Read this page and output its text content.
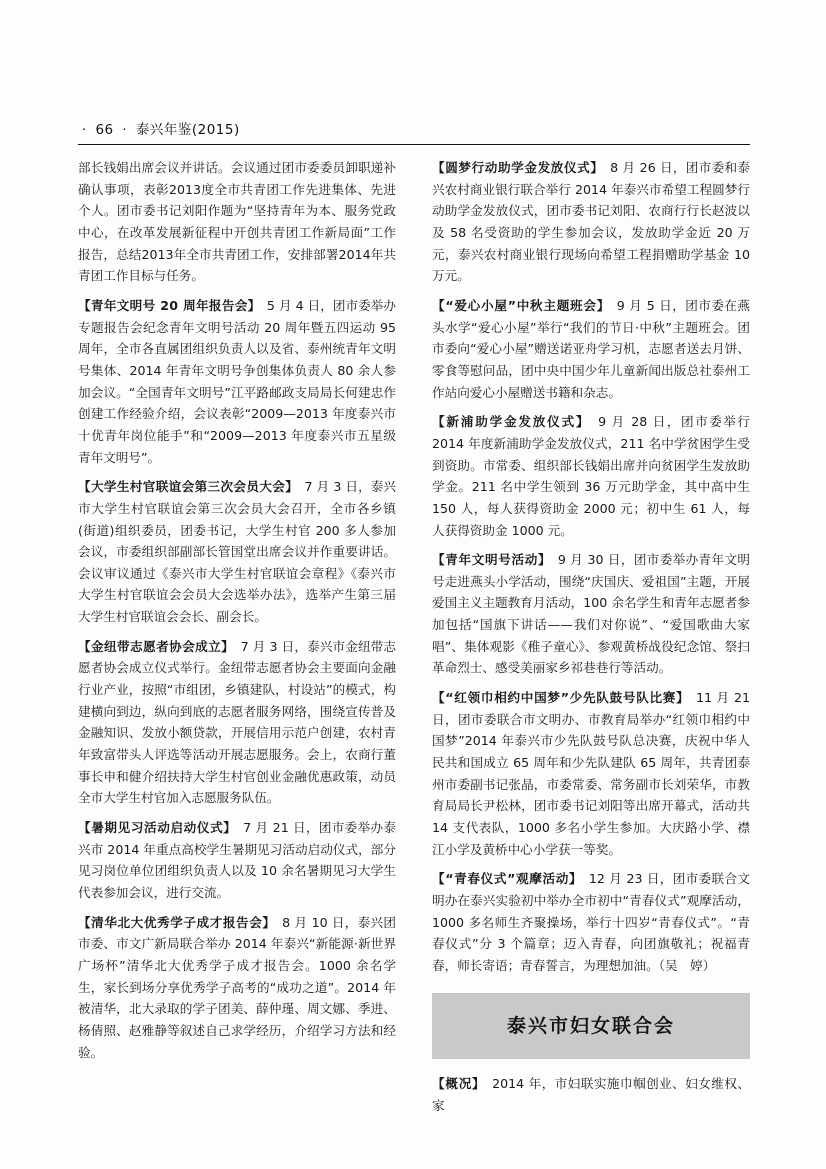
· 66 · 泰兴年鉴(2015)

部长钱娟出席会议并讲话。会议通过团市委委员卸职递补确认事项，表彰2013度全市共青团工作先进集体、先进个人。团市委书记刘阳作题为“坚持青年为本、服务党政中心，在改革发展新征程中开创共青团工作新局面”工作报告，总结2013年全市共青团工作，安排部署2014年共青团工作目标与任务。

【青年文明号 20 周年报告会】　5 月 4 日，团市委举办专题报告会纪念青年文明号活动 20 周年暨五四运动 95 周年，全市各直属团组织负责人以及省、泰州统青年文明号集体、2014 年青年文明号争创集体负责人 80 余人参加会议。“全国青年文明号”江平路邮政支局局长何建忠作创建工作经验介绍，会议表彰“2009—2013 年度泰兴市十优青年岗位能手”和“2009—2013 年度泰兴市五星级青年文明号”。

【大学生村官联谊会第三次会员大会】　7 月 3 日，泰兴市大学生村官联谊会第三次会员大会召开，全市各乡镇(街道)组织委员，团委书记，大学生村官 200 多人参加会议，市委组织部副部长管国堂出席会议并作重要讲话。会议审议通过《泰兴市大学生村官联谊会章程》《泰兴市大学生村官联谊会会员大会选举办法》，选举产生第三届大学生村官联谊会会长、副会长。

【金纽带志愿者协会成立】　7 月 3 日，泰兴市金纽带志愿者协会成立仪式举行。金纽带志愿者协会主要面向金融行业产业，按照“市组团，乡镇建队，村设站”的模式，构建横向到边，纵向到底的志愿者服务网络，围绕宣传普及金融知识、发放小额贷款，开展信用示范户创建，农村青年致富带头人评选等活动开展志愿服务。会上，农商行董事长申和健介绍扶持大学生村官创业金融优惠政策，动员全市大学生村官加入志愿服务队伍。

【暑期见习活动启动仪式】　7 月 21 日，团市委举办泰兴市 2014 年重点高校学生暑期见习活动启动仪式，部分见习岗位单位团组织负责人以及 10 余名暑期见习大学生代表参加会议，进行交流。

【清华北大优秀学子成才报告会】　8 月 10 日，泰兴团市委、市文广新局联合举办 2014 年泰兴“新能源·新世界广场杯”清华北大优秀学子成才报告会。1000 余名学生，家长到场分享优秀学子高考的“成功之道”。2014 年被清华，北大录取的学子团美、薛仲瑾、周文娜、季进、杨倩照、赵雅静等叙述自己求学经历，介绍学习方法和经验。

【圆梦行动助学金发放仪式】　8 月 26 日，团市委和泰兴农村商业银行联合举行 2014 年泰兴市希望工程圆梦行动助学金发放仪式，团市委书记刘阳、农商行行长赵波以及 58 名受资助的学生参加会议，发放助学金近 20 万元，泰兴农村商业银行现场向希望工程捐赠助学基金 10 万元。

【“爱心小屋”中秋主题班会】　9 月 5 日，团市委在燕头水学“爱心小屋”举行“我们的节日·中秋”主题班会。团市委向“爱心小屋”赠送诺亚舟学习机，志愿者送去月饼、零食等慰问品，团中央中国少年儿童新闻出版总社泰州工作站向爱心小屋赠送书籍和杂志。

【新浦助学金发放仪式】　9 月 28 日，团市委举行 2014 年度新浦助学金发放仪式，211 名中学贫困学生受到资助。市常委、组织部长钱娟出席并向贫困学生发放助学金。211 名中学生领到 36 万元助学金，其中高中生 150 人，每人获得资助金 2000 元；初中生 61 人，每人获得资助金 1000 元。

【青年文明号活动】　9 月 30 日，团市委举办青年文明号走进燕头小学活动，围绕“庆国庆、爱祖国”主题，开展爱国主义主题教育月活动，100 余名学生和青年志愿者参加包括“国旗下讲话——我们对你说”、“爱国歌曲大家唱”、集体观影《稚子童心》、参观黄桥战役纪念馆、祭扫革命烈士、感受美丽家乡祁巷巷行等活动。

【“红领巾相约中国梦”少先队鼓号队比赛】　11 月 21 日，团市委联合市文明办、市教育局举办“红领巾相约中国梦”2014 年泰兴市少先队鼓号队总决赛，庆祝中华人民共和国成立 65 周年和少先队建队 65 周年，共青团泰州市委副书记张晶，市委常委、常务副市长刘荣华，市教育局局长尹松林，团市委书记刘阳等出席开幕式，活动共 14 支代表队，1000 多名小学生参加。大庆路小学、襟江小学及黄桥中心小学获一等奖。

【“青春仪式”观摩活动】　12 月 23 日，团市委联合文明办在泰兴实验初中举办全市初中“青春仪式”观摩活动，1000 多名师生齐聚操场，举行十四岁“青春仪式”。“青春仪式”分 3 个篇章；迈入青春，向团旗敬礼；祝福青春，师长寄语；青春誓言，为理想加油。（吴　婷）

泰兴市妇女联合会

【概况】　2014 年，市妇联实施巾帼创业、妇女维权、家
